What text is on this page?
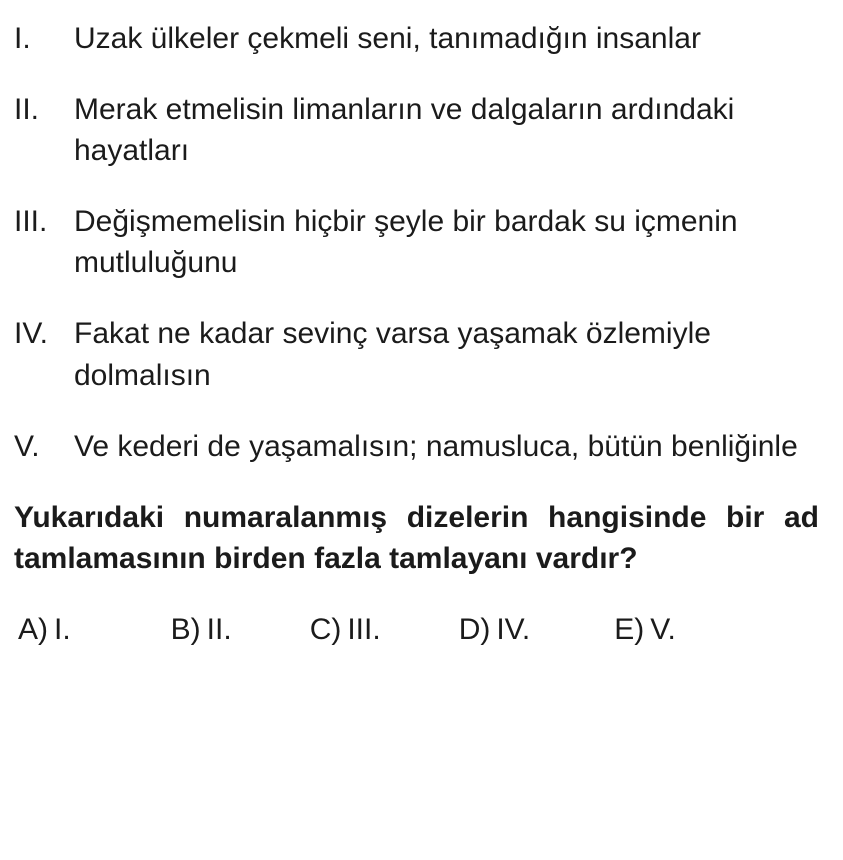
I.	Uzak ülkeler çekmeli seni, tanımadığın insanlar
II.	Merak etmelisin limanların ve dalgaların ardındaki hayatları
III. Değişmemelisin hiçbir şeyle bir bardak su içmenin mutluluğunu
IV. Fakat ne kadar sevinç varsa yaşamak özlemiyle dolmalısın
V.	Ve kederi de yaşamalısın; namusluca, bütün benliğinle

Yukarıdaki numaralanmış dizelerin hangisinde bir ad tamlamasının birden fazla tamlayanı vardır?

A) I.	B) II.	C) III.	D) IV.	E) V.
